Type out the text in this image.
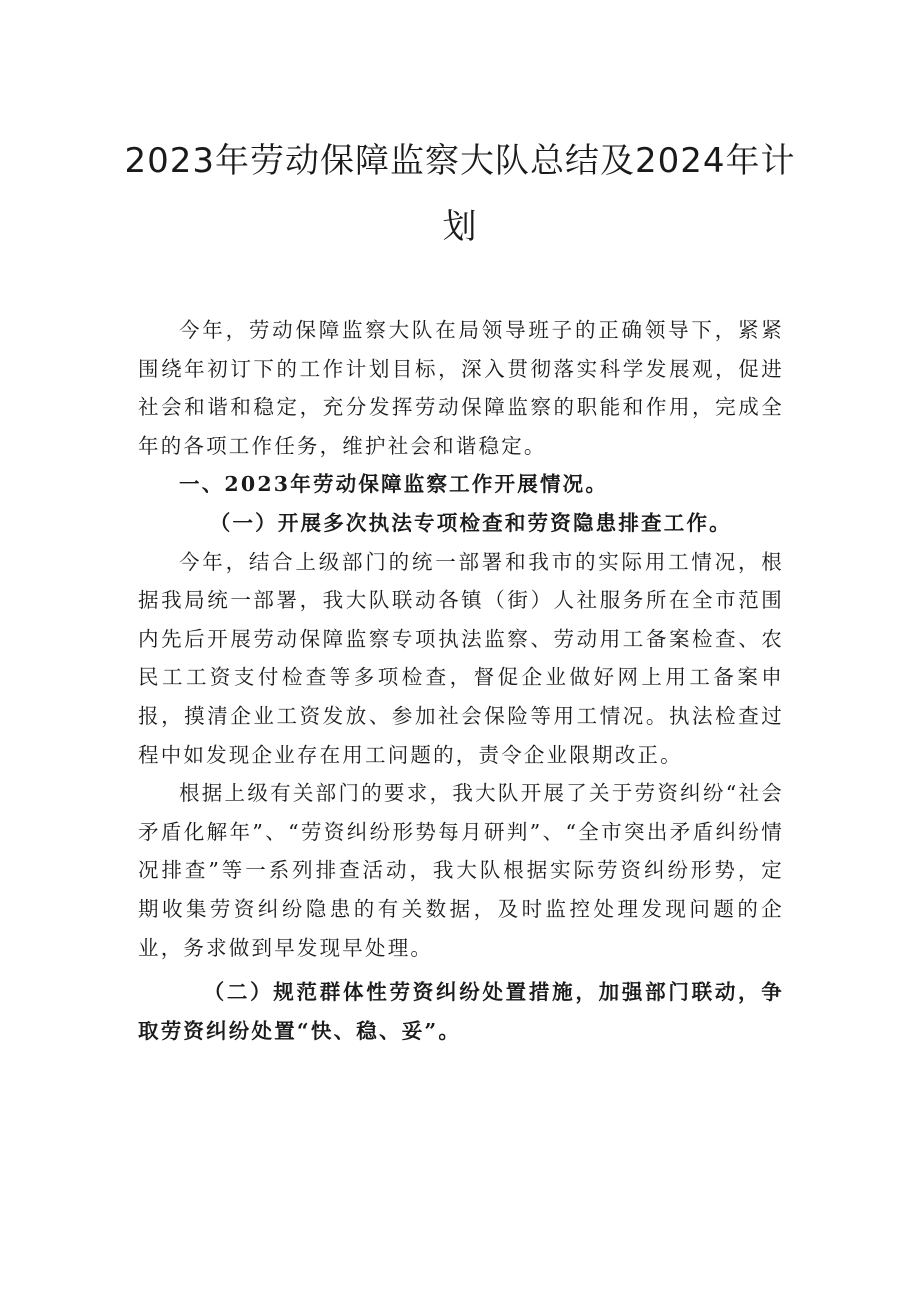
2023年劳动保障监察大队总结及2024年计划

今年，劳动保障监察大队在局领导班子的正确领导下，紧紧围绕年初订下的工作计划目标，深入贯彻落实科学发展观，促进社会和谐和稳定，充分发挥劳动保障监察的职能和作用，完成全年的各项工作任务，维护社会和谐稳定。

一、2023年劳动保障监察工作开展情况。

（一）开展多次执法专项检查和劳资隐患排查工作。

今年，结合上级部门的统一部署和我市的实际用工情况，根据我局统一部署，我大队联动各镇（街）人社服务所在全市范围内先后开展劳动保障监察专项执法监察、劳动用工备案检查、农民工工资支付检查等多项检查，督促企业做好网上用工备案申报，摸清企业工资发放、参加社会保险等用工情况。执法检查过程中如发现企业存在用工问题的，责令企业限期改正。

根据上级有关部门的要求，我大队开展了关于劳资纠纷“社会矛盾化解年”、“劳资纠纷形势每月研判”、“全市突出矛盾纠纷情况排查”等一系列排查活动，我大队根据实际劳资纠纷形势，定期收集劳资纠纷隐患的有关数据，及时监控处理发现问题的企业，务求做到早发现早处理。

（二）规范群体性劳资纠纷处置措施，加强部门联动，争取劳资纠纷处置“快、稳、妥”。
